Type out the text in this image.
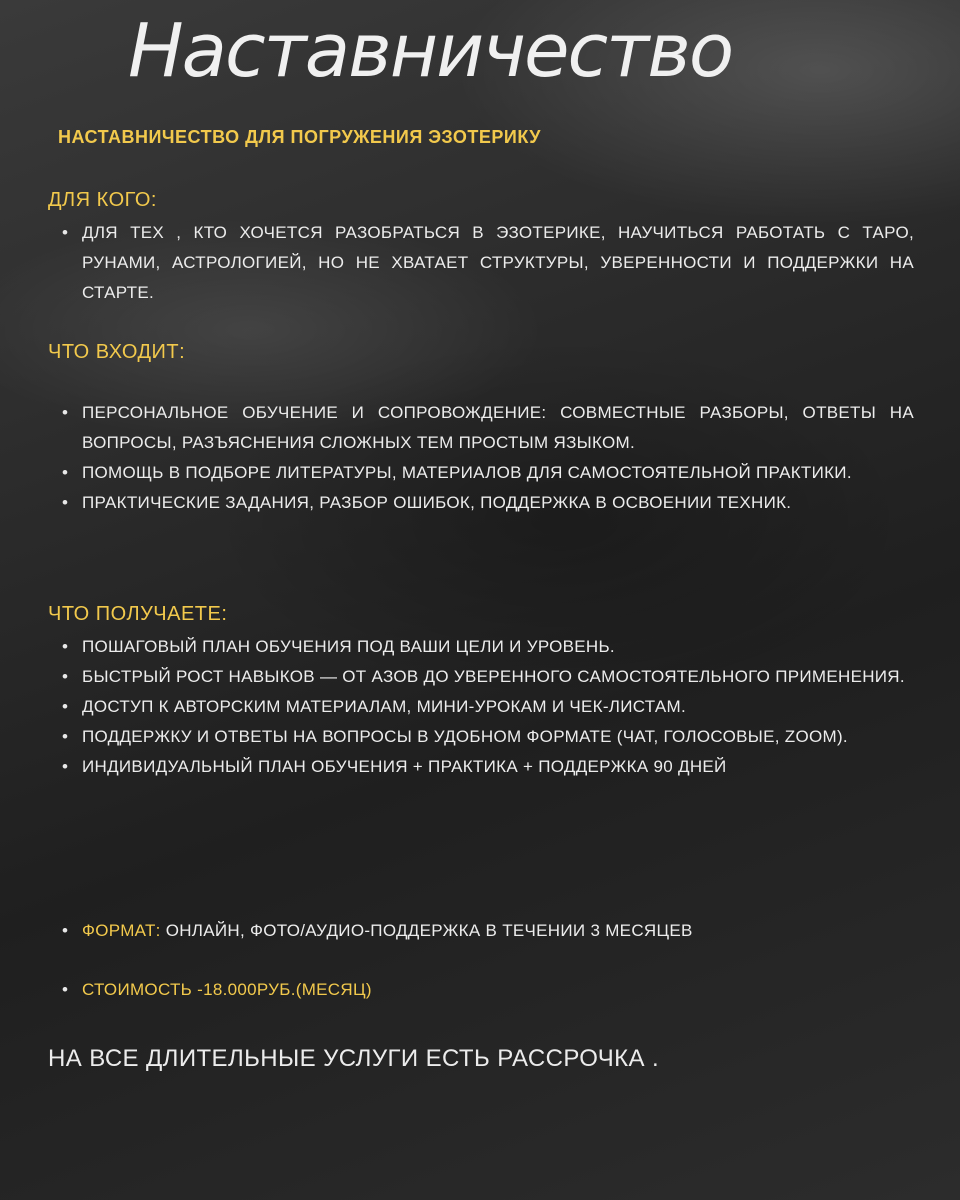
Наставничество
НАСТАВНИЧЕСТВО ДЛЯ ПОГРУЖЕНИЯ ЭЗОТЕРИКУ
ДЛЯ КОГО:
• ДЛЯ ТЕХ , КТО ХОЧЕТСЯ РАЗОБРАТЬСЯ В ЭЗОТЕРИКЕ, НАУЧИТЬСЯ РАБОТАТЬ С ТАРО, РУНАМИ, АСТРОЛОГИЕЙ, НО НЕ ХВАТАЕТ СТРУКТУРЫ, УВЕРЕННОСТИ И ПОДДЕРЖКИ НА СТАРТЕ.
ЧТО ВХОДИТ:
• ПЕРСОНАЛЬНОЕ ОБУЧЕНИЕ И СОПРОВОЖДЕНИЕ: СОВМЕСТНЫЕ РАЗБОРЫ, ОТВЕТЫ НА ВОПРОСЫ, РАЗЪЯСНЕНИЯ СЛОЖНЫХ ТЕМ ПРОСТЫМ ЯЗЫКОМ.
• ПОМОЩЬ В ПОДБОРЕ ЛИТЕРАТУРЫ, МАТЕРИАЛОВ ДЛЯ САМОСТОЯТЕЛЬНОЙ ПРАКТИКИ.
• ПРАКТИЧЕСКИЕ ЗАДАНИЯ, РАЗБОР ОШИБОК, ПОДДЕРЖКА В ОСВОЕНИИ ТЕХНИК.
ЧТО ПОЛУЧАЕТЕ:
• ПОШАГОВЫЙ ПЛАН ОБУЧЕНИЯ ПОД ВАШИ ЦЕЛИ И УРОВЕНЬ.
• БЫСТРЫЙ РОСТ НАВЫКОВ — ОТ АЗОВ ДО УВЕРЕННОГО САМОСТОЯТЕЛЬНОГО ПРИМЕНЕНИЯ.
• ДОСТУП К АВТОРСКИМ МАТЕРИАЛАМ, МИНИ-УРОКАМ И ЧЕК-ЛИСТАМ.
• ПОДДЕРЖКУ И ОТВЕТЫ НА ВОПРОСЫ В УДОБНОМ ФОРМАТЕ (ЧАТ, ГОЛОСОВЫЕ, ZOOM).
• ИНДИВИДУАЛЬНЫЙ ПЛАН ОБУЧЕНИЯ + ПРАКТИКА + ПОДДЕРЖКА 90 ДНЕЙ
• ФОРМАТ: ОНЛАЙН, ФОТО/АУДИО-ПОДДЕРЖКА В ТЕЧЕНИИ 3 МЕСЯЦЕВ
• СТОИМОСТЬ -18.000РУБ.(МЕСЯЦ)
НА ВСЕ ДЛИТЕЛЬНЫЕ УСЛУГИ ЕСТЬ РАССРОЧКА .
